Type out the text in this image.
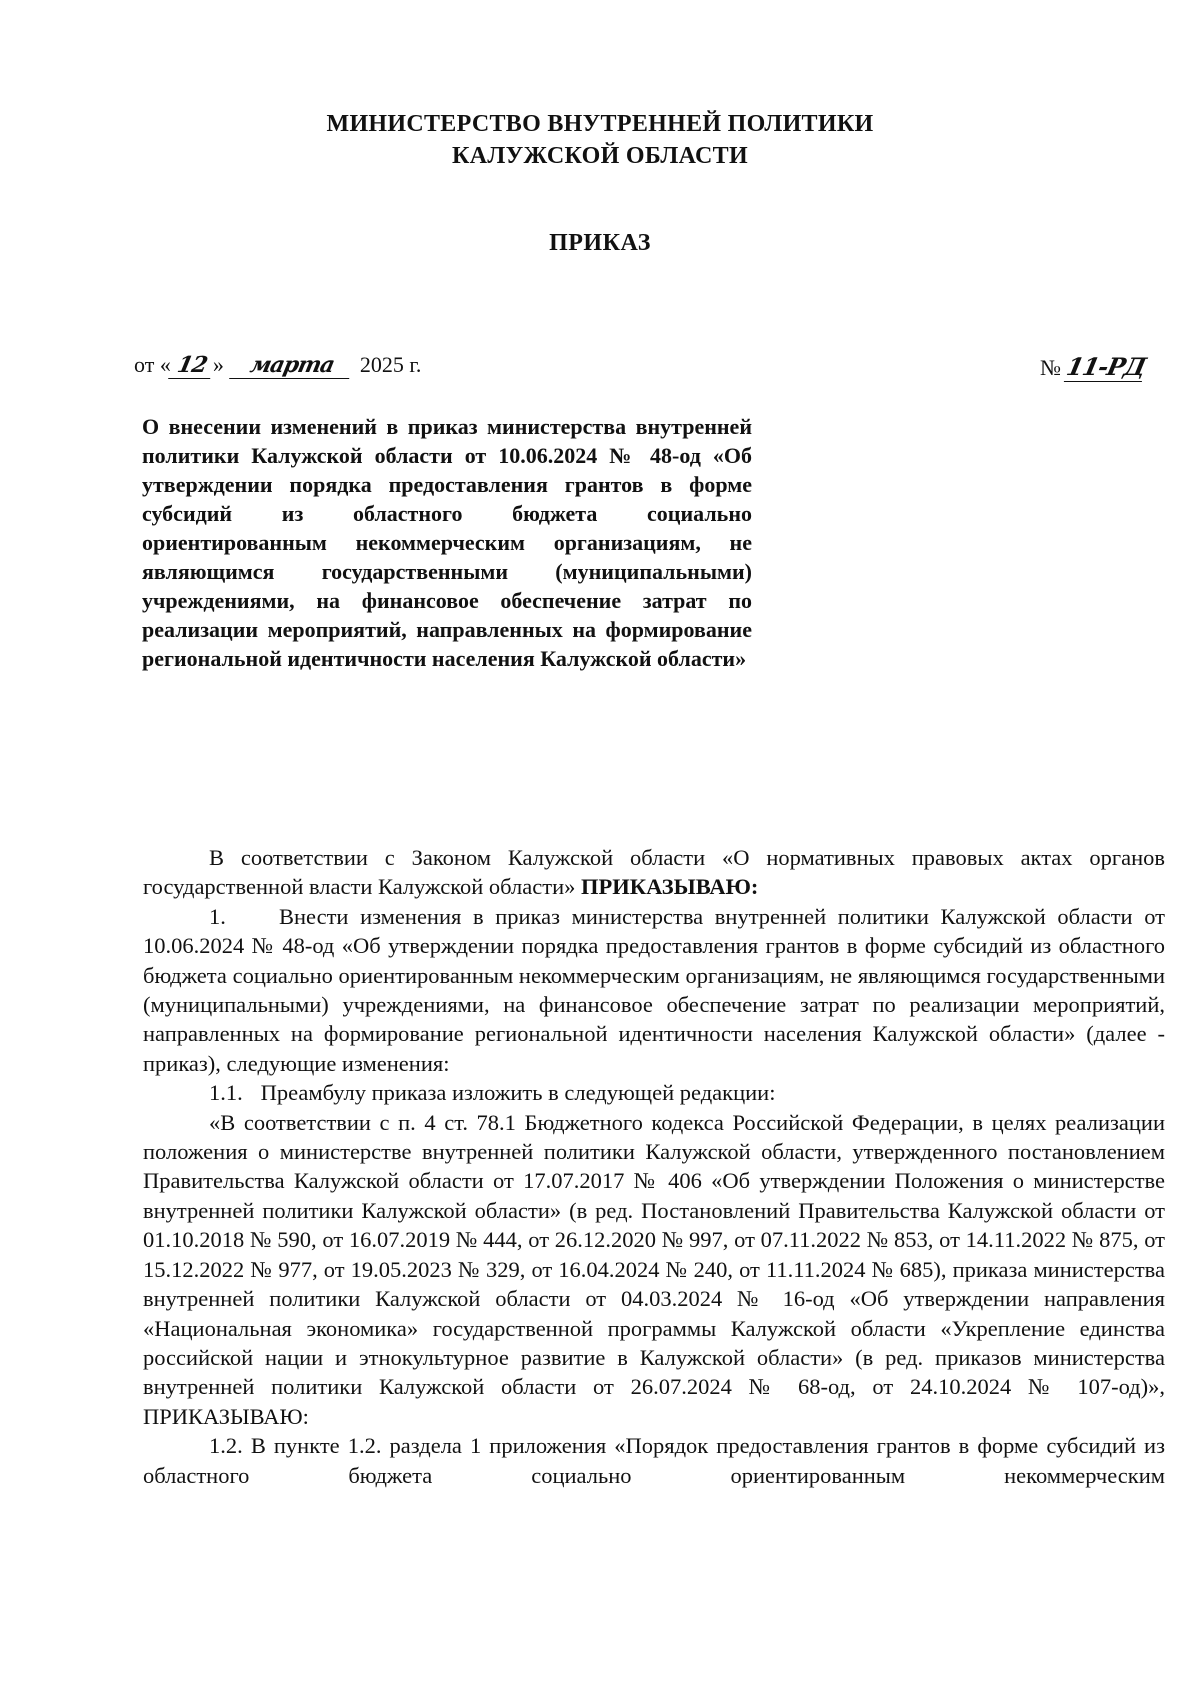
МИНИСТЕРСТВО ВНУТРЕННЕЙ ПОЛИТИКИ
КАЛУЖСКОЙ ОБЛАСТИ
ПРИКАЗ
от « 12 » марта 2025 г.	№ 11-РД
О внесении изменений в приказ министерства внутренней политики Калужской области от 10.06.2024 № 48-од «Об утверждении порядка предоставления грантов в форме субсидий из областного бюджета социально ориентированным некоммерческим организациям, не являющимся государственными (муниципальными) учреждениями, на финансовое обеспечение затрат по реализации мероприятий, направленных на формирование региональной идентичности населения Калужской области»

В соответствии с Законом Калужской области «О нормативных правовых актах органов государственной власти Калужской области» ПРИКАЗЫВАЮ:

1. Внести изменения в приказ министерства внутренней политики Калужской области от 10.06.2024 № 48-од «Об утверждении порядка предоставления грантов в форме субсидий из областного бюджета социально ориентированным некоммерческим организациям, не являющимся государственными (муниципальными) учреждениями, на финансовое обеспечение затрат по реализации мероприятий, направленных на формирование региональной идентичности населения Калужской области» (далее - приказ), следующие изменения:

1.1. Преамбулу приказа изложить в следующей редакции:

«В соответствии с п. 4 ст. 78.1 Бюджетного кодекса Российской Федерации, в целях реализации положения о министерстве внутренней политики Калужской области, утвержденного постановлением Правительства Калужской области от 17.07.2017 № 406 «Об утверждении Положения о министерстве внутренней политики Калужской области» (в ред. Постановлений Правительства Калужской области от 01.10.2018 № 590, от 16.07.2019 № 444, от 26.12.2020 № 997, от 07.11.2022 № 853, от 14.11.2022 № 875, от 15.12.2022 № 977, от 19.05.2023 № 329, от 16.04.2024 № 240, от 11.11.2024 № 685), приказа министерства внутренней политики Калужской области от 04.03.2024 № 16-од «Об утверждении направления «Национальная экономика» государственной программы Калужской области «Укрепление единства российской нации и этнокультурное развитие в Калужской области» (в ред. приказов министерства внутренней политики Калужской области от 26.07.2024 № 68-од, от 24.10.2024 № 107-од)», ПРИКАЗЫВАЮ:

1.2. В пункте 1.2. раздела 1 приложения «Порядок предоставления грантов в форме субсидий из областного бюджета социально ориентированным некоммерческим
